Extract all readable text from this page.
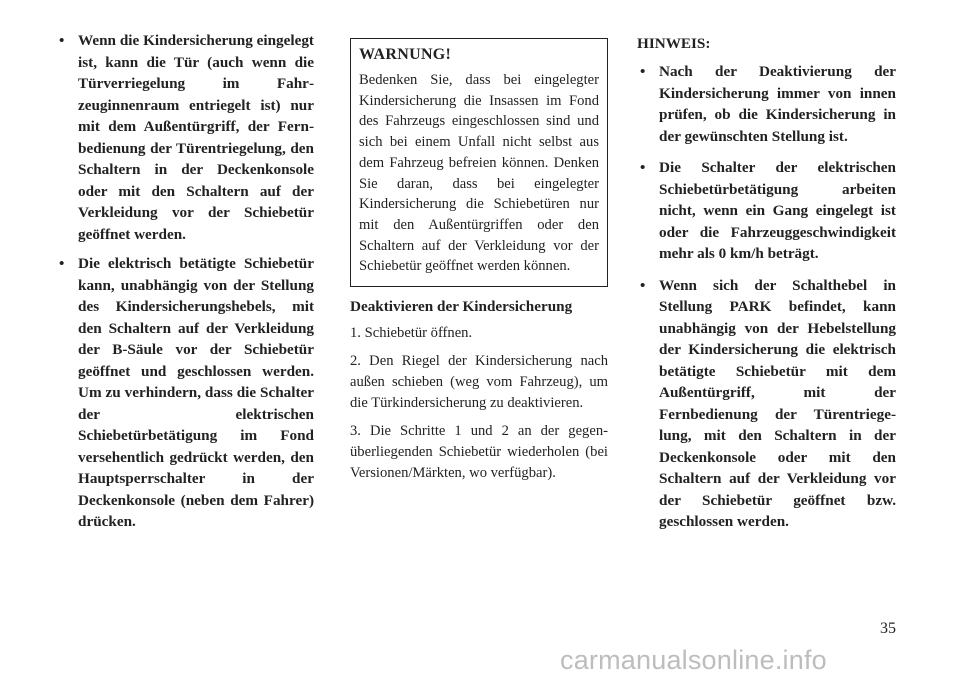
• Wenn die Kindersicherung eingelegt ist, kann die Tür (auch wenn die Türverriegelung im Fahrzeuginnenraum entriegelt ist) nur mit dem Außentürgriff, der Fernbedienung der Türentriegelung, den Schaltern in der Deckenkonsole oder mit den Schaltern auf der Verkleidung vor der Schiebetür geöffnet werden.
• Die elektrisch betätigte Schiebetür kann, unabhängig von der Stellung des Kindersicherungshebels, mit den Schaltern auf der Verkleidung der B-Säule vor der Schiebetür geöffnet und geschlossen werden. Um zu verhindern, dass die Schalter der elektrischen Schiebetürbetätigung im Fond versehentlich gedrückt werden, den Hauptsperrschalter in der Deckenkonsole (neben dem Fahrer) drücken.
WARNUNG!

Bedenken Sie, dass bei eingelegter Kindersicherung die Insassen im Fond des Fahrzeugs eingeschlossen sind und sich bei einem Unfall nicht selbst aus dem Fahrzeug befreien können. Denken Sie daran, dass bei eingelegter Kindersicherung die Schiebetüren nur mit den Außentürgriffen oder den Schaltern auf der Verkleidung vor der Schiebetür geöffnet werden können.

Deaktivieren der Kindersicherung

1. Schiebetür öffnen.

2. Den Riegel der Kindersicherung nach außen schieben (weg vom Fahrzeug), um die Türkindersicherung zu deaktivieren.

3. Die Schritte 1 und 2 an der gegenüberliegenden Schiebetür wiederholen (bei Versionen/Märkten, wo verfügbar).

HINWEIS:
• Nach der Deaktivierung der Kindersicherung immer von innen prüfen, ob die Kindersicherung in der gewünschten Stellung ist.
• Die Schalter der elektrischen Schiebetürbetätigung arbeiten nicht, wenn ein Gang eingelegt ist oder die Fahrzeuggeschwindigkeit mehr als 0 km/h beträgt.
• Wenn sich der Schalthebel in Stellung PARK befindet, kann unabhängig von der Hebelstellung der Kindersicherung die elektrisch betätigte Schiebetür mit dem Außentürgriff, mit der Fernbedienung der Türentriegelung, mit den Schaltern in der Deckenkonsole oder mit den Schaltern auf der Verkleidung vor der Schiebetür geöffnet bzw. geschlossen werden.
35
carmanualsonline.info
